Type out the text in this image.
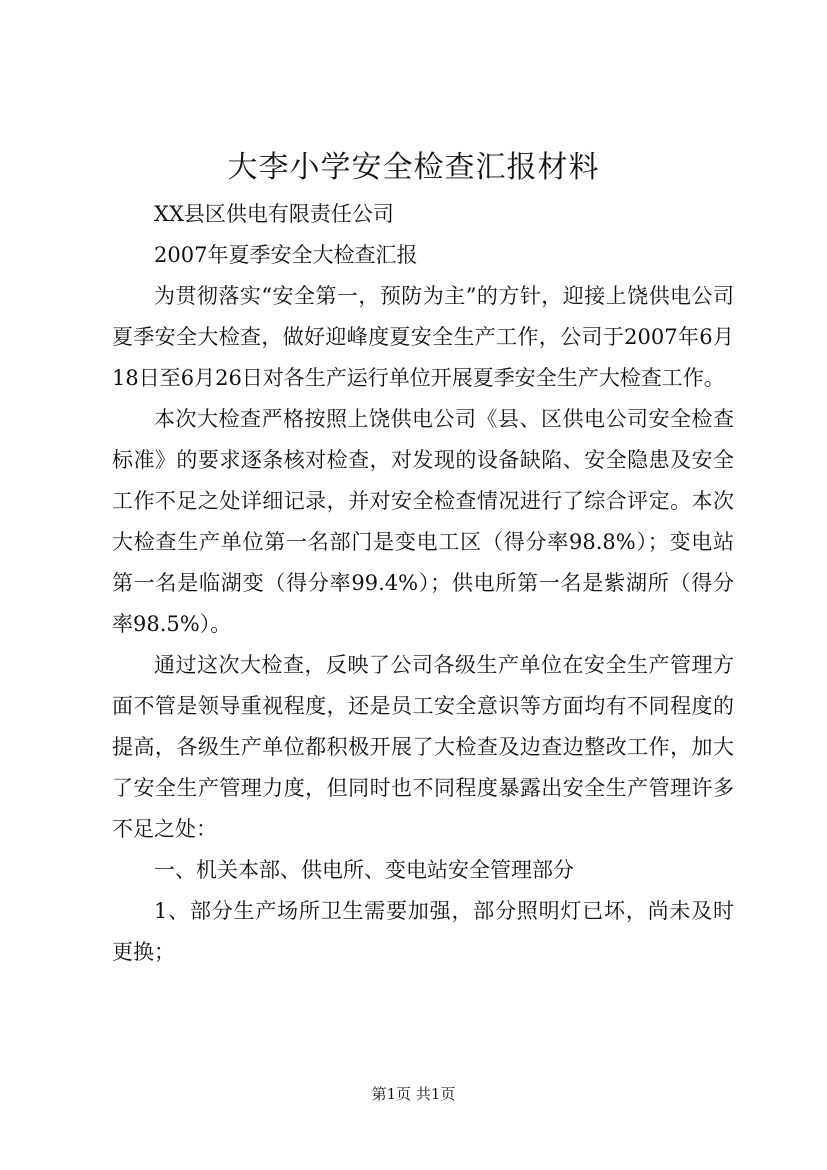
大李小学安全检查汇报材料

XX县区供电有限责任公司

2007年夏季安全大检查汇报

为贯彻落实“安全第一，预防为主”的方针，迎接上饶供电公司夏季安全大检查，做好迎峰度夏安全生产工作，公司于2007年6月18日至6月26日对各生产运行单位开展夏季安全生产大检查工作。

本次大检查严格按照上饶供电公司《县、区供电公司安全检查标准》的要求逐条核对检查，对发现的设备缺陷、安全隐患及安全工作不足之处详细记录，并对安全检查情况进行了综合评定。本次大检查生产单位第一名部门是变电工区（得分率98.8%）；变电站第一名是临湖变（得分率99.4%）；供电所第一名是紫湖所（得分率98.5%）。

通过这次大检查，反映了公司各级生产单位在安全生产管理方面不管是领导重视程度，还是员工安全意识等方面均有不同程度的提高，各级生产单位都积极开展了大检查及边查边整改工作，加大了安全生产管理力度，但同时也不同程度暴露出安全生产管理许多不足之处：

一、机关本部、供电所、变电站安全管理部分

1、部分生产场所卫生需要加强，部分照明灯已坏，尚未及时更换；

第1页 共1页
